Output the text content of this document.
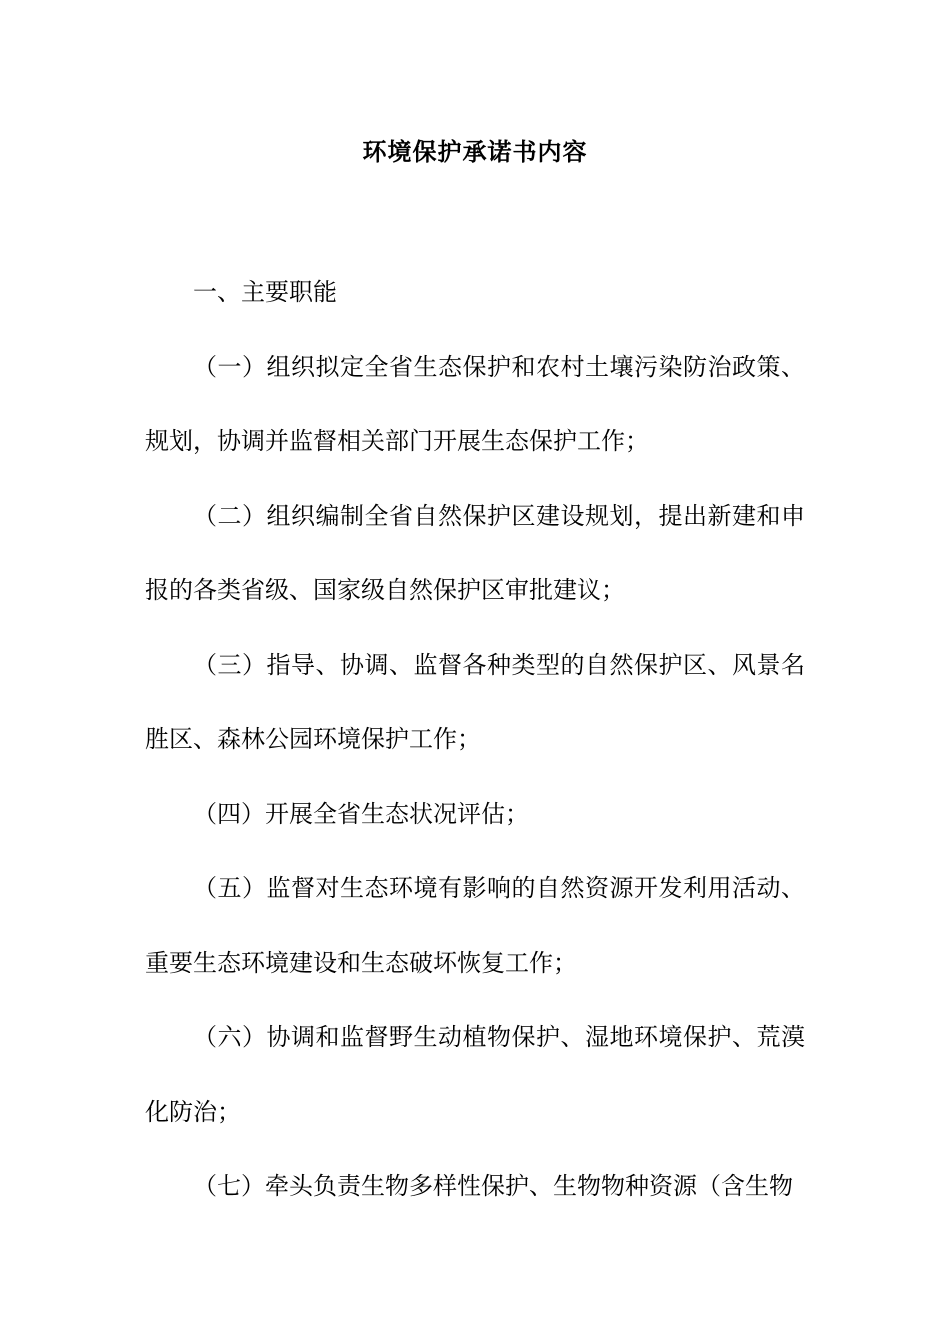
环境保护承诺书内容

一、主要职能

（一）组织拟定全省生态保护和农村土壤污染防治政策、规划，协调并监督相关部门开展生态保护工作；

（二）组织编制全省自然保护区建设规划，提出新建和申报的各类省级、国家级自然保护区审批建议；

（三）指导、协调、监督各种类型的自然保护区、风景名胜区、森林公园环境保护工作；

（四）开展全省生态状况评估；

（五）监督对生态环境有影响的自然资源开发利用活动、重要生态环境建设和生态破坏恢复工作；

（六）协调和监督野生动植物保护、湿地环境保护、荒漠化防治；

（七）牵头负责生物多样性保护、生物物种资源（含生物
